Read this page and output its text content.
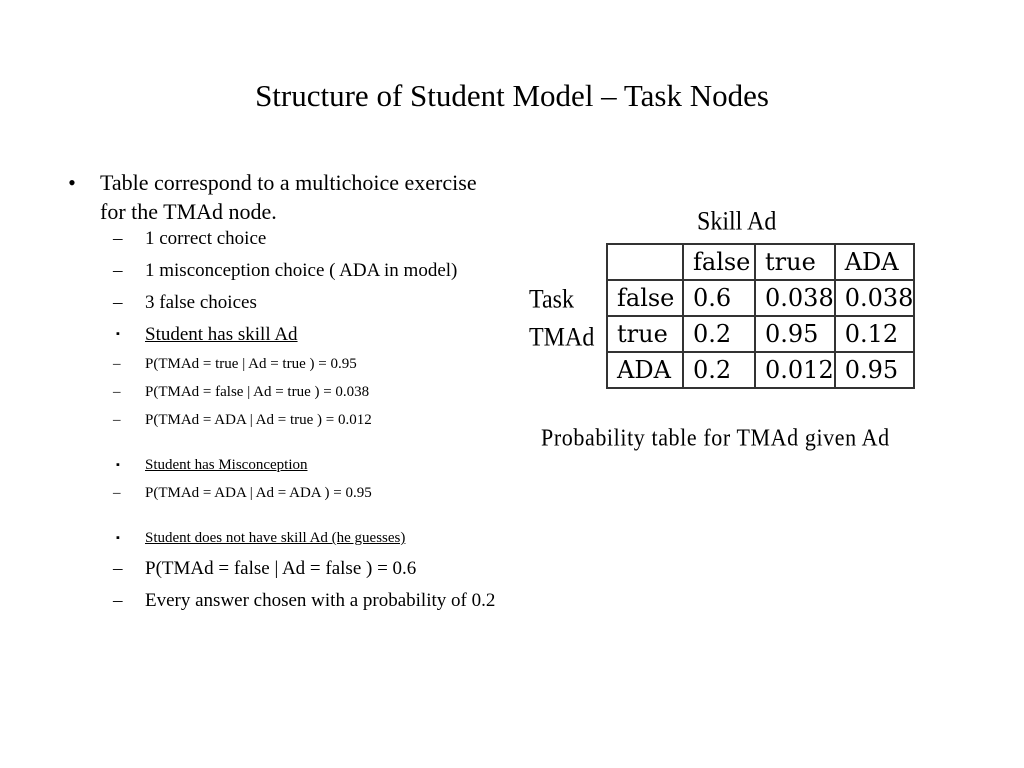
Structure of Student Model – Task Nodes
•	Table correspond to a multichoice exercise for the TMAd node.
– 1 correct choice
– 1 misconception choice ( ADA in model)
– 3 false choices
▪ Student has skill Ad
– P(TMAd = true | Ad = true ) = 0.95
– P(TMAd = false | Ad = true ) = 0.038
– P(TMAd = ADA | Ad = true ) = 0.012
▪ Student has Misconception
– P(TMAd = ADA | Ad = ADA ) = 0.95
▪ Student does not have skill Ad (he guesses)
– P(TMAd = false | Ad = false ) = 0.6
– Every answer chosen with a probability of 0.2
Skill Ad
Task
TMAd
	false	true	ADA
false	0.6	0.038	0.038
true	0.2	0.95	0.12
ADA	0.2	0.012	0.95
Probability table for TMAd given Ad
